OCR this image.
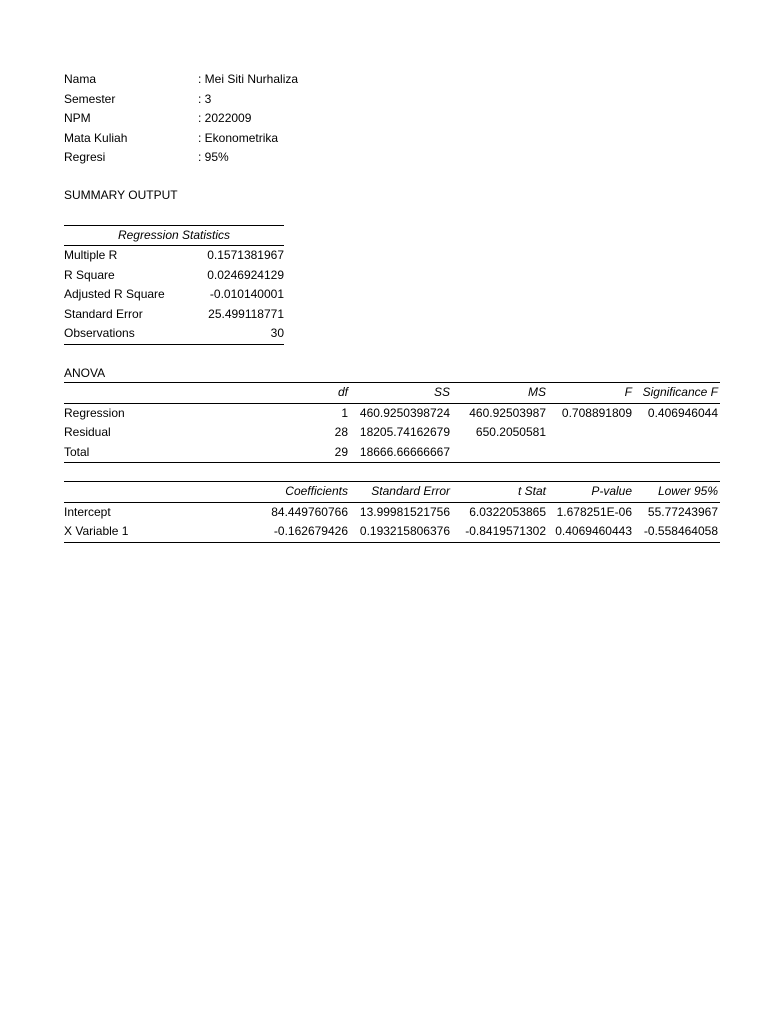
Nama	: Mei Siti Nurhaliza
Semester	: 3
NPM	: 2022009
Mata Kuliah	: Ekonometrika
Regresi	: 95%
SUMMARY OUTPUT
Regression Statistics
Multiple R	0.1571381967
R Square	0.0246924129
Adjusted R Square	-0.010140001
Standard Error	25.499118771
Observations	30
ANOVA
	df	SS	MS	F	Significance F
Regression	1	460.9250398724	460.92503987	0.708891809	0.406946044
Residual	28	18205.74162679	650.2050581		
Total	29	18666.66666667			
	Coefficients	Standard Error	t Stat	P-value	Lower 95%
Intercept	84.449760766	13.99981521756	6.0322053865	1.678251E-06	55.77243967
X Variable 1	-0.162679426	0.193215806376	-0.8419571302	0.4069460443	-0.558464058
